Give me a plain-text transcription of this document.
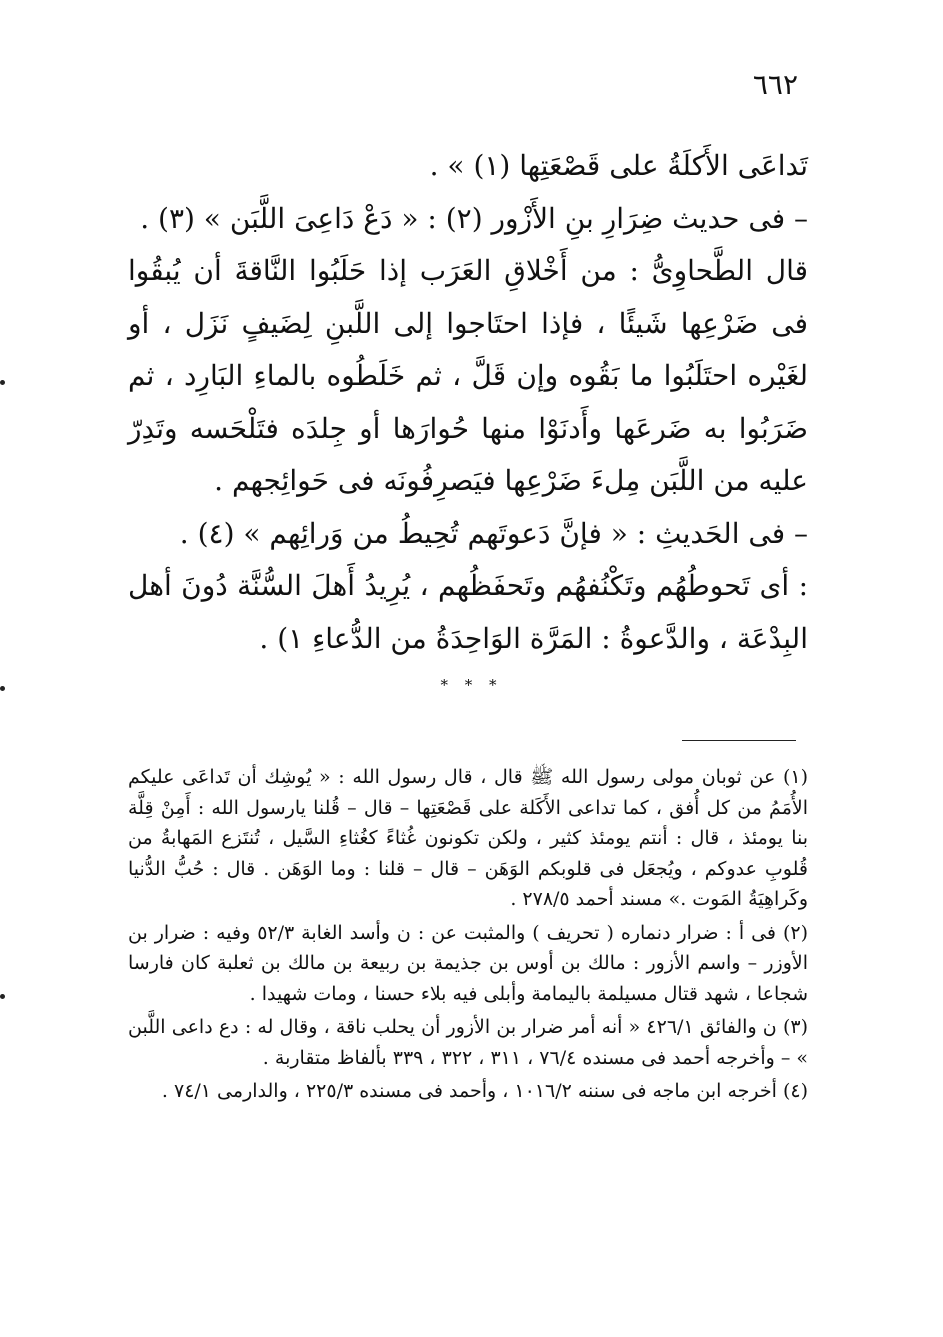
٦٦٢

تَداعَى الأَكلَةُ على قَصْعَتِها (١) » .

– فى حديث ضِرَارِ بنِ الأَزْور (٢) : « دَعْ دَاعِىَ اللَّبَن » (٣) .

قال الطَّحاوِىُّ : من أَخْلاقِ العَرَب إذا حَلَبُوا النَّاقةَ أن يُبقُوا فى ضَرْعِها شَيئًا ، فإذا احتَاجوا إلى اللَّبنِ لِضَيفٍ نَزَل ، أو لغَيْره احتَلَبُوا ما بَقُوه وإن قَلَّ ، ثم خَلَطُوه بالماءِ البَارِد ، ثم ضَرَبُوا به ضَرعَها وأَدنَوْا منها حُوارَها أو جِلدَه فتَلْحَسه وتَدِرّ عليه من اللَّبَن مِلءَ ضَرْعِها فيَصرِفُونَه فى حَوائِجهم .

– فى الحَديثِ : « فإنَّ دَعوتَهم تُحِيطُ من وَرائِهم » (٤) .

: أى تَحوطُهُم وتَكْنُفهُم وتَحفَظُهم ، يُرِيدُ أَهلَ السُّنَّة دُونَ أهل البِدْعَة ، والدَّعوةُ : المَرَّة الوَاحِدَةُ من الدُّعاءِ ١) .

* * *

(١) عن ثوبان مولى رسول الله ﷺ قال ، قال رسول الله : « يُوشِك أن تَداعَى عليكم الأُمَمُ من كل أُفق ، كما تداعى الأَكَلة على قَصْعَتِها – قال – قُلنا يارسول الله : أَمِنْ قِلَّة بنا يومئذ ، قال : أنتم يومئذ كثير ، ولكن تكونون غُثاءً كغُثاءِ السَّيل ، تُنتَزع المَهابةُ من قُلوبِ عدوكم ، ويُجعَل فى قلوبكم الوَهَن – قال – قلنا : وما الوَهَن . قال : حُبُّ الدُّنيا وكَراهِيَةُ المَوت .» مسند أحمد ٢٧٨/٥ .

(٢) فى أ : ضرار دنماره ( تحريف ) والمثبت عن : ن وأسد الغابة ٥٢/٣ وفيه : ضرار بن الأوزر – واسم الأزور : مالك بن أوس بن جذيمة بن ربيعة بن مالك بن ثعلبة كان فارسا شجاعا ، شهد قتال مسيلمة باليمامة وأبلى فيه بلاء حسنا ، ومات شهيدا .

(٣) ن والفائق ٤٢٦/١ « أنه أمر ضرار بن الأزور أن يحلب ناقة ، وقال له : دع داعى اللَّبن » – وأخرجه أحمد فى مسنده ٧٦/٤ ، ٣١١ ، ٣٢٢ ، ٣٣٩ بألفاظ متقاربة .

(٤) أخرجه ابن ماجه فى سننه ١٠١٦/٢ ، وأحمد فى مسنده ٢٢٥/٣ ، والدارمى ٧٤/١ .
